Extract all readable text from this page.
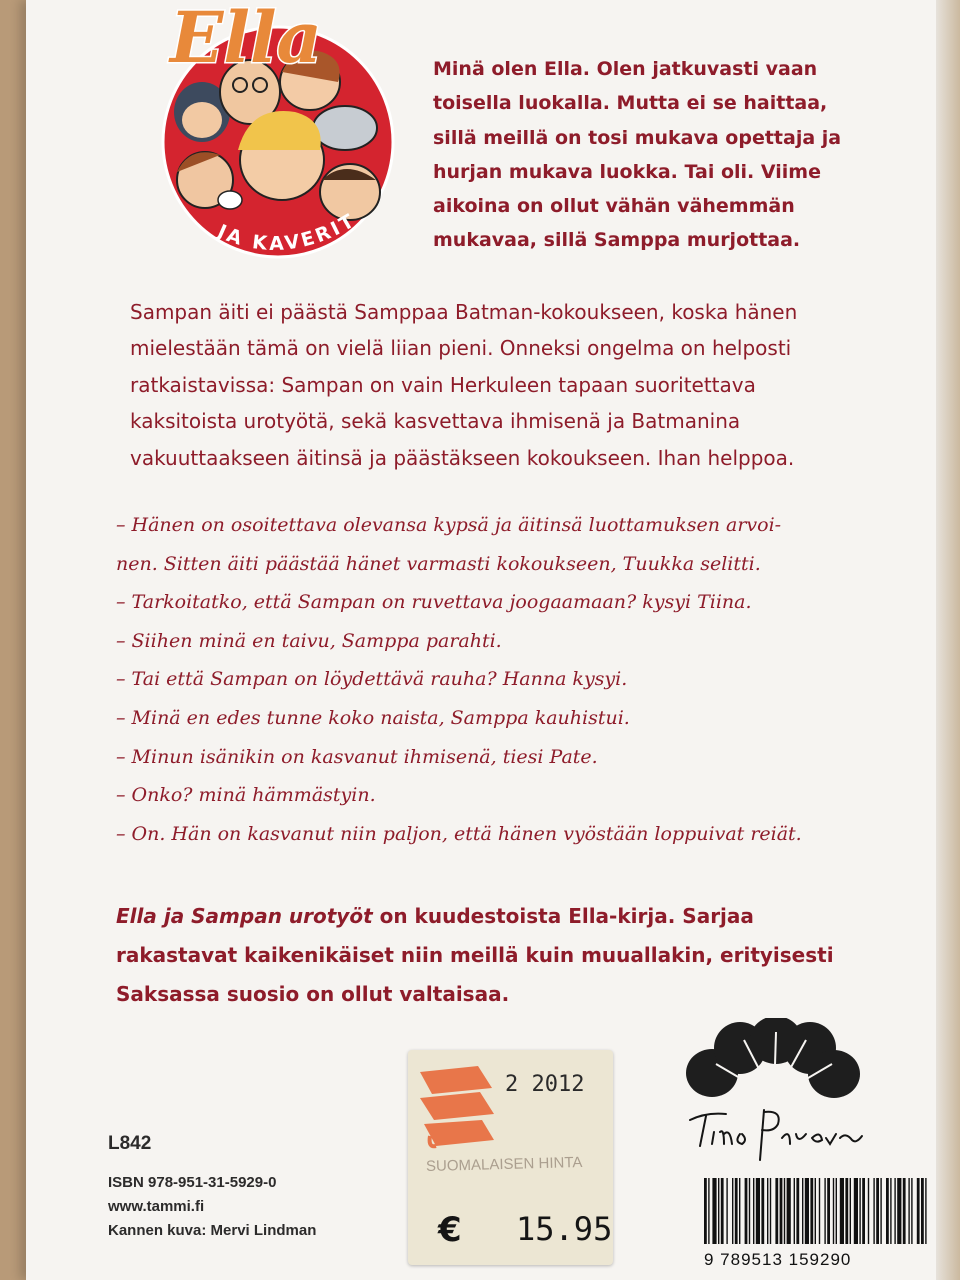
Ella
JA KAVERIT

Minä olen Ella. Olen jatkuvasti vaan toisella luokalla. Mutta ei se haittaa, sillä meillä on tosi mukava opettaja ja hurjan mukava luokka. Tai oli. Viime aikoina on ollut vähän vähemmän mukavaa, sillä Samppa murjottaa.

Sampan äiti ei päästä Samppaa Batman-kokoukseen, koska hänen mielestään tämä on vielä liian pieni. Onneksi ongelma on helposti ratkaistavissa: Sampan on vain Herkuleen tapaan suoritettava kaksitoista urotyötä, sekä kasvettava ihmisenä ja Batmanina vakuuttaakseen äitinsä ja päästäkseen kokoukseen. Ihan helppoa.

– Hänen on osoitettava olevansa kypsä ja äitinsä luottamuksen arvoi-
nen. Sitten äiti päästää hänet varmasti kokoukseen, Tuukka selitti.
– Tarkoitatko, että Sampan on ruvettava joogaamaan? kysyi Tiina.
– Siihen minä en taivu, Samppa parahti.
– Tai että Sampan on löydettävä rauha? Hanna kysyi.
– Minä en edes tunne koko naista, Samppa kauhistui.
– Minun isänikin on kasvanut ihmisenä, tiesi Pate.
– Onko? minä hämmästyin.
– On. Hän on kasvanut niin paljon, että hänen vyöstään loppuivat reiät.

Ella ja Sampan urotyöt on kuudestoista Ella-kirja. Sarjaa rakastavat kaikenikäiset niin meillä kuin muuallakin, erityisesti Saksassa suosio on ollut valtaisaa.

L842
ISBN 978-951-31-5929-0
www.tammi.fi
Kannen kuva: Mervi Lindman
2 2012
SUOMALAISEN HINTA
€ 15.95
9 789513 159290
